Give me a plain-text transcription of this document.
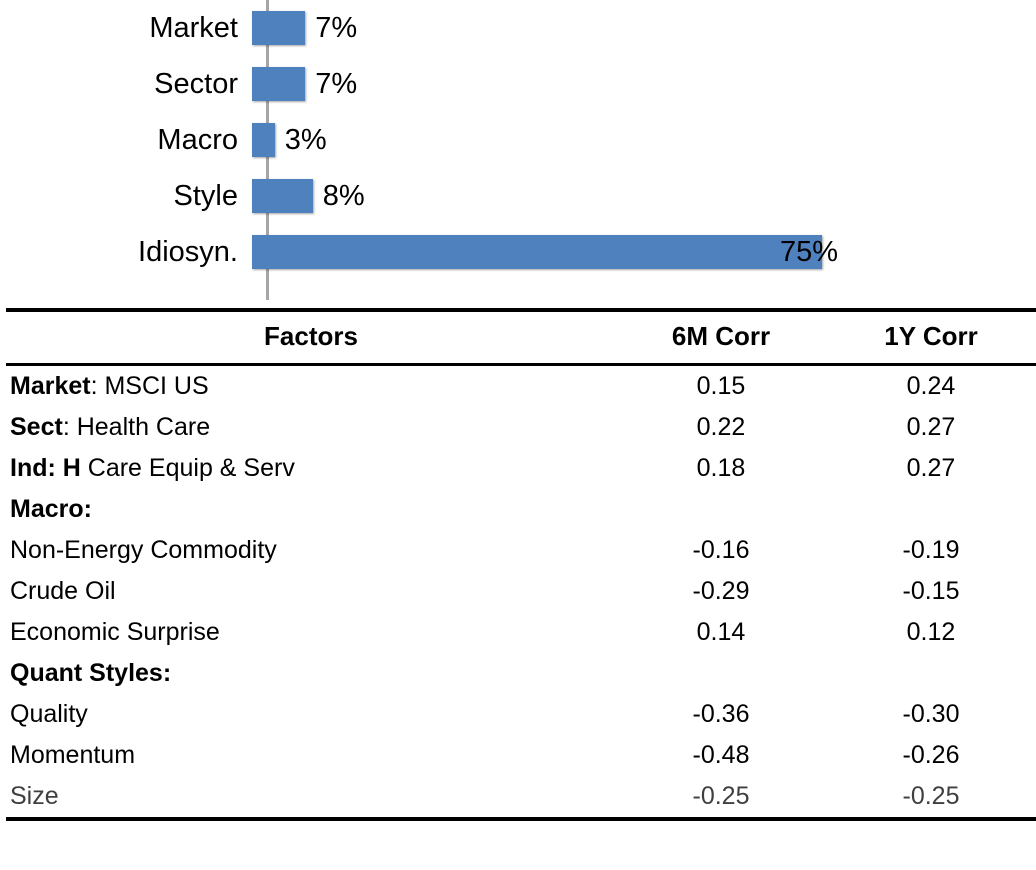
Market	7%
Sector	7%
Macro	3%
Style	8%
Idiosyn.	75%
Factors	6M Corr	1Y Corr
Market: MSCI US	0.15	0.24
Sect: Health Care	0.22	0.27
Ind: H Care Equip & Serv	0.18	0.27
Macro:		
Non-Energy Commodity	-0.16	-0.19
Crude Oil	-0.29	-0.15
Economic Surprise	0.14	0.12
Quant Styles:		
Quality	-0.36	-0.30
Momentum	-0.48	-0.26
Size	-0.25	-0.25
